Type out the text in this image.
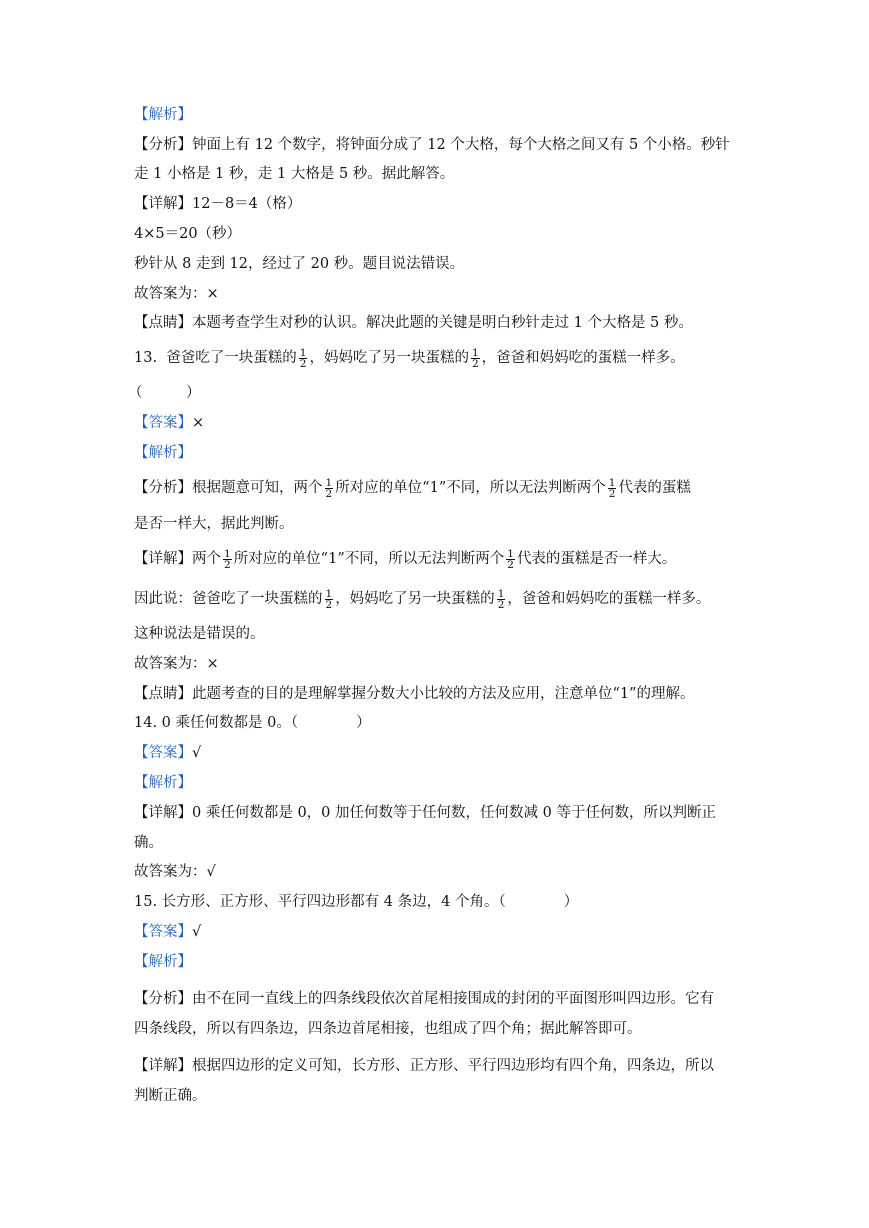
【解析】
【分析】钟面上有 12 个数字，将钟面分成了 12 个大格，每个大格之间又有 5 个小格。秒针
走 1 小格是 1 秒，走 1 大格是 5 秒。据此解答。
【详解】12－8＝4（格）
4×5＝20（秒）
秒针从 8 走到 12，经过了 20 秒。题目说法错误。
故答案为：×
【点睛】本题考查学生对秒的认识。解决此题的关键是明白秒针走过 1 个大格是 5 秒。
13. 爸爸吃了一块蛋糕的 $\frac{1}{2}$ ，妈妈吃了另一块蛋糕的 $\frac{1}{2}$ ，爸爸和妈妈吃的蛋糕一样多。
（　　　）
【答案】×
【解析】
【分析】根据题意可知，两个 $\frac{1}{2}$ 所对应的单位“1”不同，所以无法判断两个 $\frac{1}{2}$ 代表的蛋糕
是否一样大，据此判断。
【详解】两个 $\frac{1}{2}$ 所对应的单位“1”不同，所以无法判断两个 $\frac{1}{2}$ 代表的蛋糕是否一样大。
因此说：爸爸吃了一块蛋糕的 $\frac{1}{2}$ ，妈妈吃了另一块蛋糕的 $\frac{1}{2}$ ，爸爸和妈妈吃的蛋糕一样多。
这种说法是错误的。
故答案为：×
【点睛】此题考查的目的是理解掌握分数大小比较的方法及应用，注意单位“1”的理解。
14. 0 乘任何数都是 0。（　　　　）
【答案】√
【解析】
【详解】0 乘任何数都是 0，0 加任何数等于任何数，任何数减 0 等于任何数，所以判断正
确。
故答案为：√
15. 长方形、正方形、平行四边形都有 4 条边，4 个角。（　　　　）
【答案】√
【解析】
【分析】由不在同一直线上的四条线段依次首尾相接围成的封闭的平面图形叫四边形。它有
四条线段，所以有四条边，四条边首尾相接，也组成了四个角；据此解答即可。
【详解】根据四边形的定义可知，长方形、正方形、平行四边形均有四个角，四条边，所以
判断正确。
